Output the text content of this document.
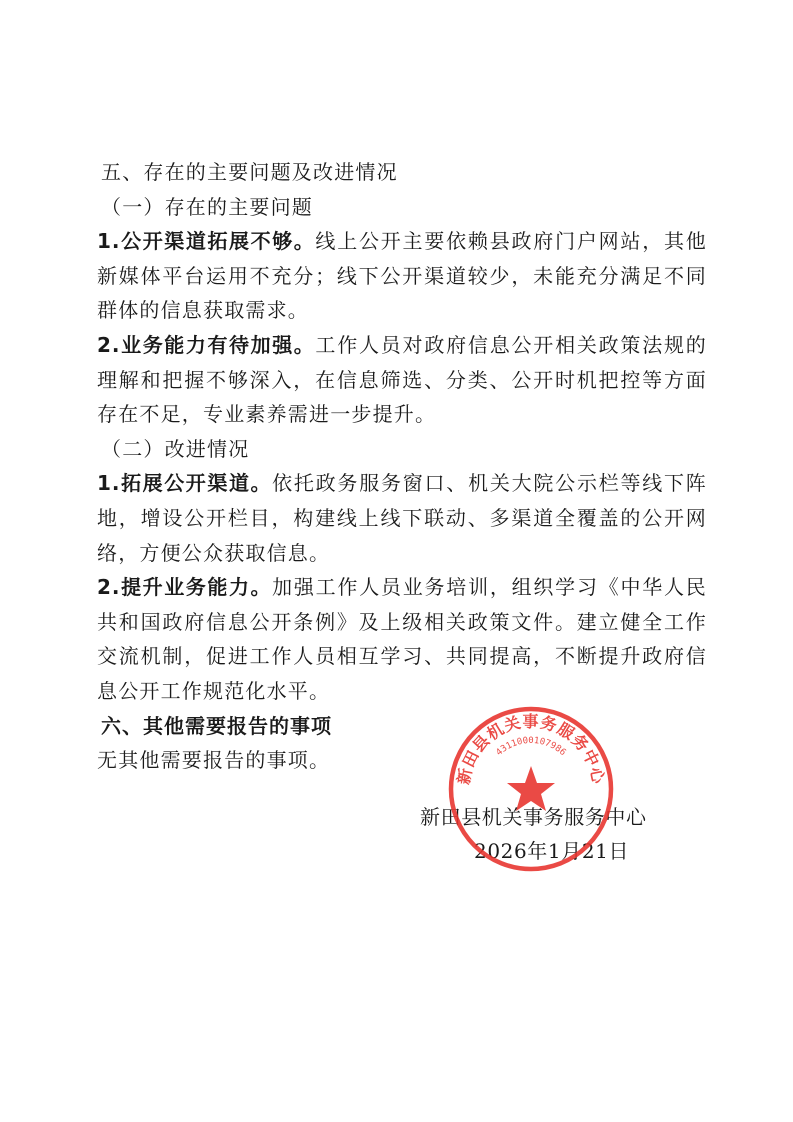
五、存在的主要问题及改进情况

（一）存在的主要问题

1.公开渠道拓展不够。线上公开主要依赖县政府门户网站，其他新媒体平台运用不充分；线下公开渠道较少，未能充分满足不同群体的信息获取需求。

2.业务能力有待加强。工作人员对政府信息公开相关政策法规的理解和把握不够深入，在信息筛选、分类、公开时机把控等方面存在不足，专业素养需进一步提升。

（二）改进情况

1.拓展公开渠道。依托政务服务窗口、机关大院公示栏等线下阵地，增设公开栏目，构建线上线下联动、多渠道全覆盖的公开网络，方便公众获取信息。

2.提升业务能力。加强工作人员业务培训，组织学习《中华人民共和国政府信息公开条例》及上级相关政策文件。建立健全工作交流机制，促进工作人员相互学习、共同提高，不断提升政府信息公开工作规范化水平。

六、其他需要报告的事项

无其他需要报告的事项。

新田县机关事务服务中心
2026年1月21日
新田县机关事务服务中心
4311000107986
